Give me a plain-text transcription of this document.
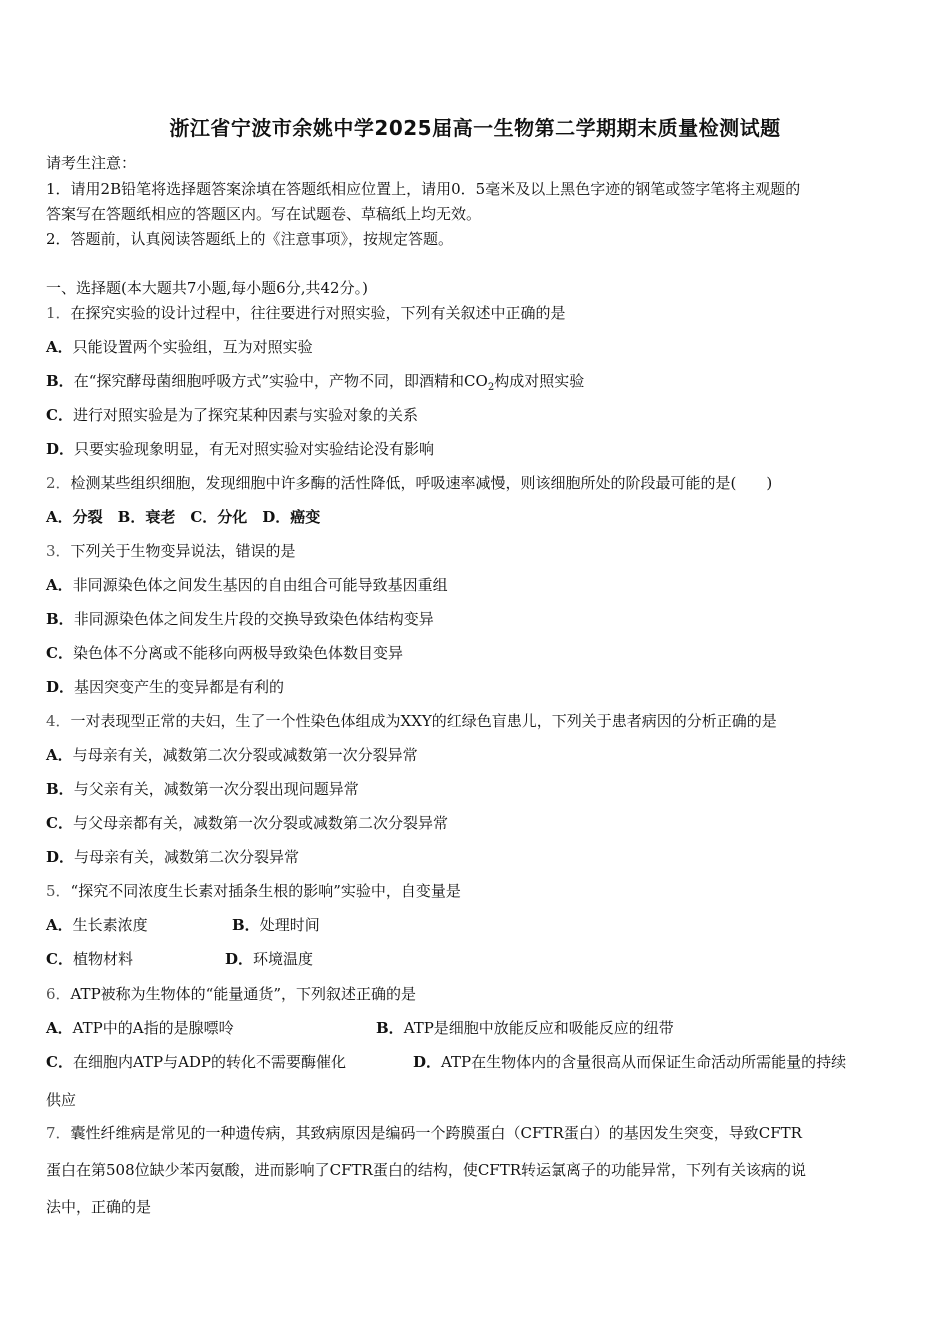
浙江省宁波市余姚中学2025届高一生物第二学期期末质量检测试题
请考生注意：
1．请用2B铅笔将选择题答案涂填在答题纸相应位置上，请用0．5毫米及以上黑色字迹的钢笔或签字笔将主观题的
答案写在答题纸相应的答题区内。写在试题卷、草稿纸上均无效。
2．答题前，认真阅读答题纸上的《注意事项》，按规定答题。
一、选择题(本大题共7小题,每小题6分,共42分。)
1．在探究实验的设计过程中，往往要进行对照实验，下列有关叙述中正确的是
A．只能设置两个实验组，互为对照实验
B．在“探究酵母菌细胞呼吸方式”实验中，产物不同，即酒精和$CO_2$构成对照实验
C．进行对照实验是为了探究某种因素与实验对象的关系
D．只要实验现象明显，有无对照实验对实验结论没有影响
2．检测某些组织细胞，发现细胞中许多酶的活性降低，呼吸速率减慢，则该细胞所处的阶段最可能的是(　　)
A．分裂　B．衰老　C．分化　D．癌变
3．下列关于生物变异说法，错误的是
A．非同源染色体之间发生基因的自由组合可能导致基因重组
B．非同源染色体之间发生片段的交换导致染色体结构变异
C．染色体不分离或不能移向两极导致染色体数目变异
D．基因突变产生的变异都是有利的
4．一对表现型正常的夫妇，生了一个性染色体组成为XXY的红绿色盲患儿，下列关于患者病因的分析正确的是
A．与母亲有关，减数第二次分裂或减数第一次分裂异常
B．与父亲有关，减数第一次分裂出现问题异常
C．与父母亲都有关，减数第一次分裂或减数第二次分裂异常
D．与母亲有关，减数第二次分裂异常
5．“探究不同浓度生长素对插条生根的影响”实验中，自变量是
A．生长素浓度	B．处理时间
C．植物材料	D．环境温度
6．ATP被称为生物体的“能量通货”，下列叙述正确的是
A．ATP中的A指的是腺嘌呤	B．ATP是细胞中放能反应和吸能反应的纽带
C．在细胞内ATP与ADP的转化不需要酶催化	D．ATP在生物体内的含量很高从而保证生命活动所需能量的持续
供应
7．囊性纤维病是常见的一种遗传病，其致病原因是编码一个跨膜蛋白（CFTR蛋白）的基因发生突变，导致CFTR
蛋白在第508位缺少苯丙氨酸，进而影响了CFTR蛋白的结构，使CFTR转运氯离子的功能异常，下列有关该病的说
法中，正确的是
